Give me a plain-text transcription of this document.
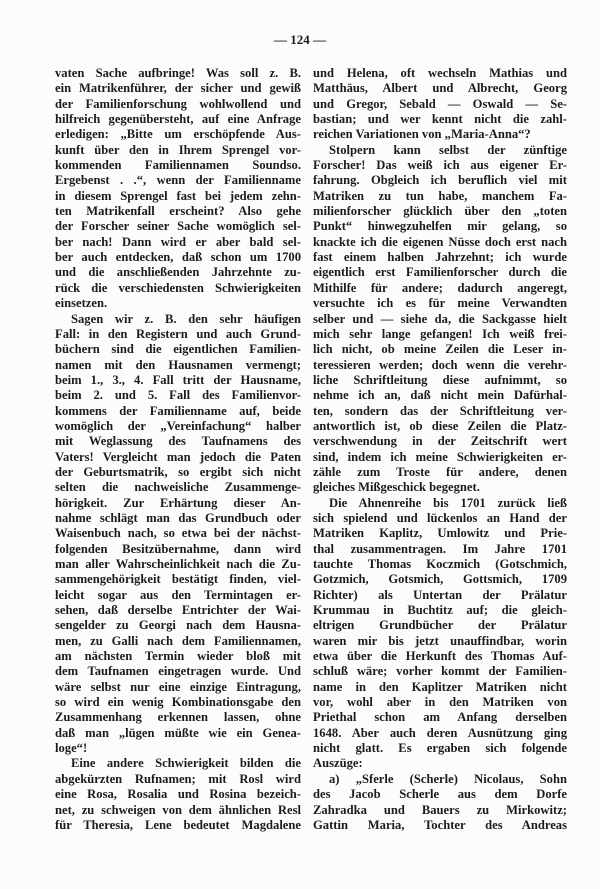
— 124 —
vaten Sache aufbringe! Was soll z. B.
ein Matrikenführer, der sicher und gewiß
der Familienforschung wohlwollend und
hilfreich gegenübersteht, auf eine Anfrage
erledigen: „Bitte um erschöpfende Aus-
kunft über den in Ihrem Sprengel vor-
kommenden Familiennamen Soundso.
Ergebenst . .“, wenn der Familienname
in diesem Sprengel fast bei jedem zehn-
ten Matrikenfall erscheint? Also gehe
der Forscher seiner Sache womöglich sel-
ber nach! Dann wird er aber bald sel-
ber auch entdecken, daß schon um 1700
und die anschließenden Jahrzehnte zu-
rück die verschiedensten Schwierigkeiten
einsetzen.
Sagen wir z. B. den sehr häufigen
Fall: in den Registern und auch Grund-
büchern sind die eigentlichen Familien-
namen mit den Hausnamen vermengt;
beim 1., 3., 4. Fall tritt der Hausname,
beim 2. und 5. Fall des Familienvor-
kommens der Familienname auf, beide
womöglich der „Vereinfachung“ halber
mit Weglassung des Taufnamens des
Vaters! Vergleicht man jedoch die Paten
der Geburtsmatrik, so ergibt sich nicht
selten die nachweisliche Zusammenge-
hörigkeit. Zur Erhärtung dieser An-
nahme schlägt man das Grundbuch oder
Waisenbuch nach, so etwa bei der nächst-
folgenden Besitzübernahme, dann wird
man aller Wahrscheinlichkeit nach die Zu-
sammengehörigkeit bestätigt finden, viel-
leicht sogar aus den Termintagen er-
sehen, daß derselbe Entrichter der Wai-
sengelder zu Georgi nach dem Hausna-
men, zu Galli nach dem Familiennamen,
am nächsten Termin wieder bloß mit
dem Taufnamen eingetragen wurde. Und
wäre selbst nur eine einzige Eintragung,
so wird ein wenig Kombinationsgabe den
Zusammenhang erkennen lassen, ohne
daß man „lügen müßte wie ein Genea-
loge“!
Eine andere Schwierigkeit bilden die
abgekürzten Rufnamen; mit Rosl wird
eine Rosa, Rosalia und Rosina bezeich-
net, zu schweigen von dem ähnlichen Resl
für Theresia, Lene bedeutet Magdalene
und Helena, oft wechseln Mathias und
Matthäus, Albert und Albrecht, Georg
und Gregor, Sebald — Oswald — Se-
bastian; und wer kennt nicht die zahl-
reichen Variationen von „Maria-Anna“?
Stolpern kann selbst der zünftige
Forscher! Das weiß ich aus eigener Er-
fahrung. Obgleich ich beruflich viel mit
Matriken zu tun habe, manchem Fa-
milienforscher glücklich über den „toten
Punkt“ hinwegzuhelfen mir gelang, so
knackte ich die eigenen Nüsse doch erst nach
fast einem halben Jahrzehnt; ich wurde
eigentlich erst Familienforscher durch die
Mithilfe für andere; dadurch angeregt,
versuchte ich es für meine Verwandten
selber und — siehe da, die Sackgasse hielt
mich sehr lange gefangen! Ich weiß frei-
lich nicht, ob meine Zeilen die Leser in-
teressieren werden; doch wenn die verehr-
liche Schriftleitung diese aufnimmt, so
nehme ich an, daß nicht mein Dafürhal-
ten, sondern das der Schriftleitung ver-
antwortlich ist, ob diese Zeilen die Platz-
verschwendung in der Zeitschrift wert
sind, indem ich meine Schwierigkeiten er-
zähle zum Troste für andere, denen
gleiches Mißgeschick begegnet.
Die Ahnenreihe bis 1701 zurück ließ
sich spielend und lückenlos an Hand der
Matriken Kaplitz, Umlowitz und Prie-
thal zusammentragen. Im Jahre 1701
tauchte Thomas Koczmich (Gotschmich,
Gotzmich, Gotsmich, Gottsmich, 1709
Richter) als Untertan der Prälatur
Krummau in Buchtitz auf; die gleich-
eltrigen Grundbücher der Prälatur
waren mir bis jetzt unauffindbar, worin
etwa über die Herkunft des Thomas Auf-
schluß wäre; vorher kommt der Familien-
name in den Kaplitzer Matriken nicht
vor, wohl aber in den Matriken von
Priethal schon am Anfang derselben
1648. Aber auch deren Ausnützung ging
nicht glatt. Es ergaben sich folgende
Auszüge:
a) „Sferle (Scherle) Nicolaus, Sohn
des Jacob Scherle aus dem Dorfe
Zahradka und Bauers zu Mirkowitz;
Gattin Maria, Tochter des Andreas
